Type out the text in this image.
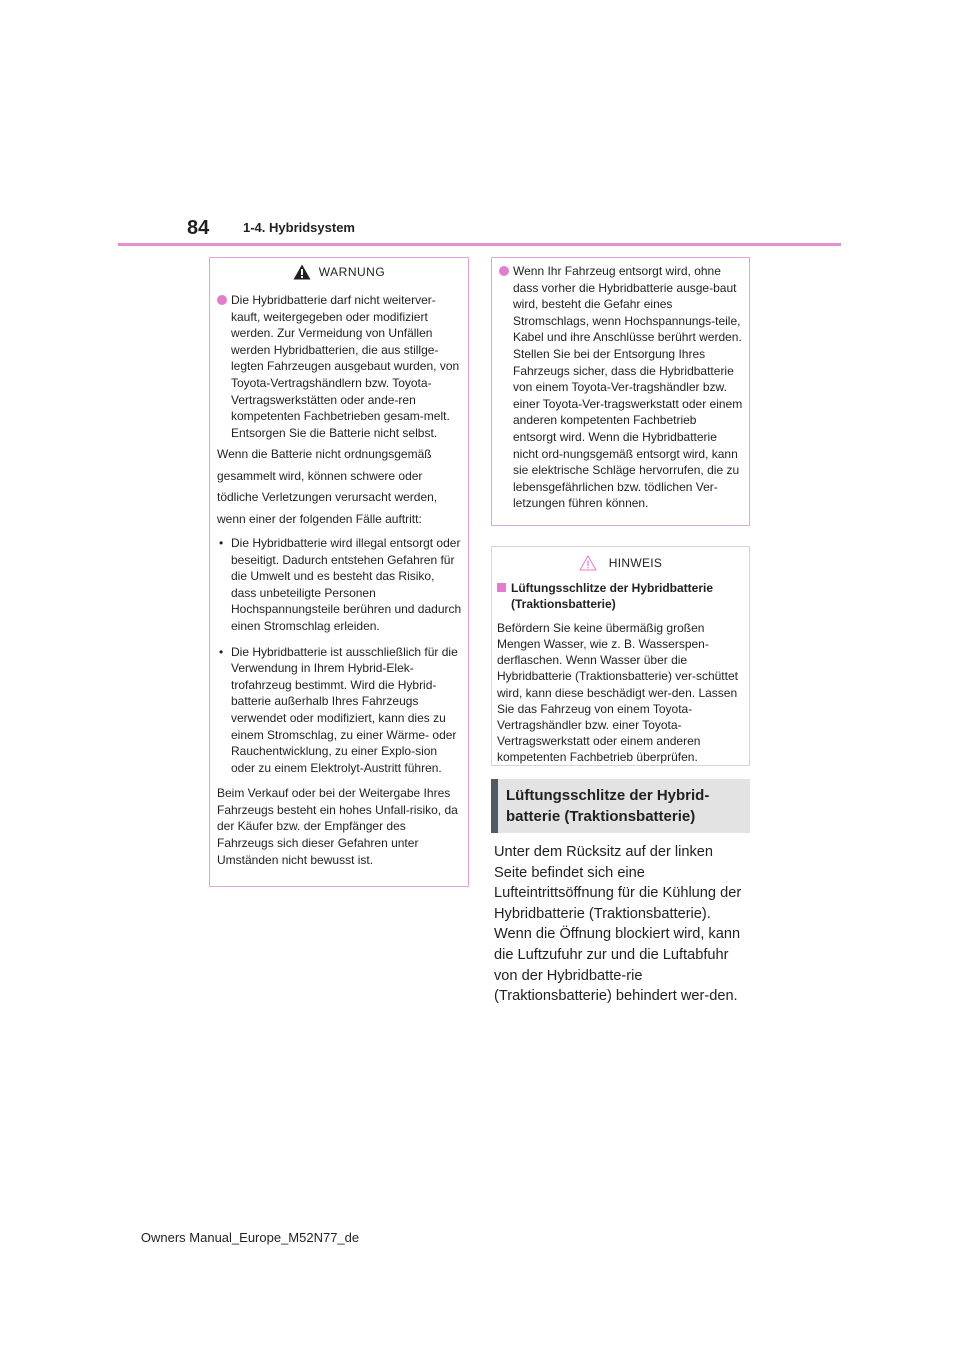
84	1-4. Hybridsystem
WARNUNG
Die Hybridbatterie darf nicht weiterver-kauft, weitergegeben oder modifiziert werden. Zur Vermeidung von Unfällen werden Hybridbatterien, die aus stillge-legten Fahrzeugen ausgebaut wurden, von Toyota-Vertragshändlern bzw. Toyota-Vertragswerkstätten oder ande-ren kompetenten Fachbetrieben gesam-melt. Entsorgen Sie die Batterie nicht selbst.
Wenn die Batterie nicht ordnungsgemäß
gesammelt wird, können schwere oder
tödliche Verletzungen verursacht werden,
wenn einer der folgenden Fälle auftritt:
• Die Hybridbatterie wird illegal entsorgt oder beseitigt. Dadurch entstehen Gefahren für die Umwelt und es besteht das Risiko, dass unbeteiligte Personen Hochspannungsteile berühren und dadurch einen Stromschlag erleiden.
• Die Hybridbatterie ist ausschließlich für die Verwendung in Ihrem Hybrid-Elek-trofahrzeug bestimmt. Wird die Hybrid-batterie außerhalb Ihres Fahrzeugs verwendet oder modifiziert, kann dies zu einem Stromschlag, zu einer Wärme- oder Rauchentwicklung, zu einer Explo-sion oder zu einem Elektrolyt-Austritt führen.
Beim Verkauf oder bei der Weitergabe Ihres Fahrzeugs besteht ein hohes Unfall-risiko, da der Käufer bzw. der Empfänger des Fahrzeugs sich dieser Gefahren unter Umständen nicht bewusst ist.
Wenn Ihr Fahrzeug entsorgt wird, ohne dass vorher die Hybridbatterie ausge-baut wird, besteht die Gefahr eines Stromschlags, wenn Hochspannungs-teile, Kabel und ihre Anschlüsse berührt werden. Stellen Sie bei der Entsorgung Ihres Fahrzeugs sicher, dass die Hybridbatterie von einem Toyota-Ver-tragshändler bzw. einer Toyota-Ver-tragswerkstatt oder einem anderen kompetenten Fachbetrieb entsorgt wird. Wenn die Hybridbatterie nicht ord-nungsgemäß entsorgt wird, kann sie elektrische Schläge hervorrufen, die zu lebensgefährlichen bzw. tödlichen Ver-letzungen führen können.
HINWEIS
Lüftungsschlitze der Hybridbatterie (Traktionsbatterie)
Befördern Sie keine übermäßig großen Mengen Wasser, wie z. B. Wasserspen-derflaschen. Wenn Wasser über die Hybridbatterie (Traktionsbatterie) ver-schüttet wird, kann diese beschädigt wer-den. Lassen Sie das Fahrzeug von einem Toyota-Vertragshändler bzw. einer Toyota-Vertragswerkstatt oder einem anderen kompetenten Fachbetrieb überprüfen.
Lüftungsschlitze der Hybrid-
batterie (Traktionsbatterie)
Unter dem Rücksitz auf der linken Seite befindet sich eine Lufteintrittsöffnung für die Kühlung der Hybridbatterie (Traktionsbatterie). Wenn die Öffnung blockiert wird, kann die Luftzufuhr zur und die Luftabfuhr von der Hybridbatte-rie (Traktionsbatterie) behindert wer-den.
Owners Manual_Europe_M52N77_de
